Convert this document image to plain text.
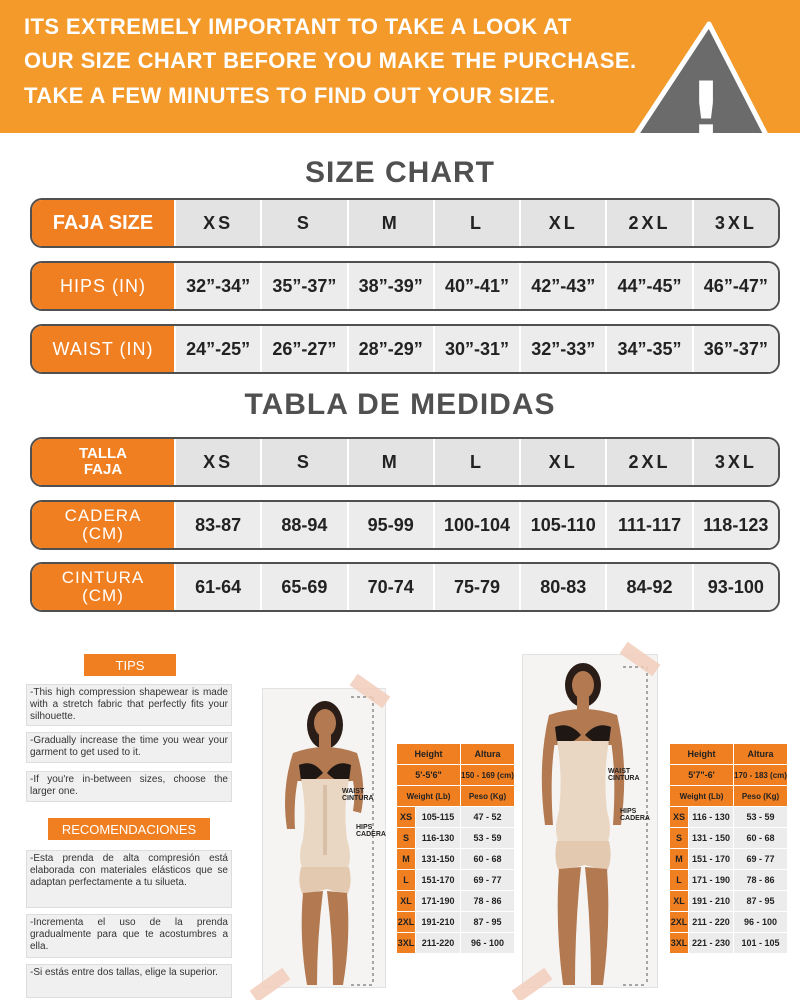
ITS EXTREMELY IMPORTANT TO TAKE A LOOK AT
OUR SIZE CHART BEFORE YOU MAKE THE PURCHASE.
TAKE A FEW MINUTES TO FIND OUT YOUR SIZE. !
SIZE CHART
FAJA SIZE	XS	S	M	L	XL	2XL	3XL
HIPS (IN)	32”-34”	35”-37”	38”-39”	40”-41”	42”-43”	44”-45”	46”-47”
WAIST (IN)	24”-25”	26”-27”	28”-29”	30”-31”	32”-33”	34”-35”	36”-37”
TABLA DE MEDIDAS
TALLA
FAJA	XS	S	M	L	XL	2XL	3XL
CADERA
(CM)	83-87	88-94	95-99	100-104	105-110	111-117	118-123
CINTURA
(CM)	61-64	65-69	70-74	75-79	80-83	84-92	93-100
TIPS
-This high compression shapewear is made with a stretch fabric that perfectly fits your silhouette.
-Gradually increase the time you wear your garment to get used to it.
-If you're in-between sizes, choose the larger one.
RECOMENDACIONES
-Esta prenda de alta compresión está elaborada con materiales elásticos que se adaptan perfectamente a tu silueta.
-Incrementa el uso de la prenda gradualmente para que te acostumbres a ella.
-Si estás entre dos tallas, elige la superior.
WAIST
CINTURA
HIPS
CADERA
Height	Altura
5'-5'6"	150 - 169 (cm)
Weight (Lb)	Peso (Kg)
XS	105-115	47 - 52
S	116-130	53 - 59
M	131-150	60 - 68
L	151-170	69 - 77
XL	171-190	78 - 86
2XL 191-210	87 - 95
3XL 211-220	96 - 100
WAIST
CINTURA
HIPS
CADERA
Height	Altura
5'7"-6'	170 - 183 (cm)
Weight (Lb)	Peso (Kg)
XS 116 - 130	53 - 59
S	131 - 150	60 - 68
M	151 - 170	69 - 77
L	171 - 190	78 - 86
XL 191 - 210	87 - 95
2XL 211 - 220	96 - 100
3XL 221 - 230	101 - 105
